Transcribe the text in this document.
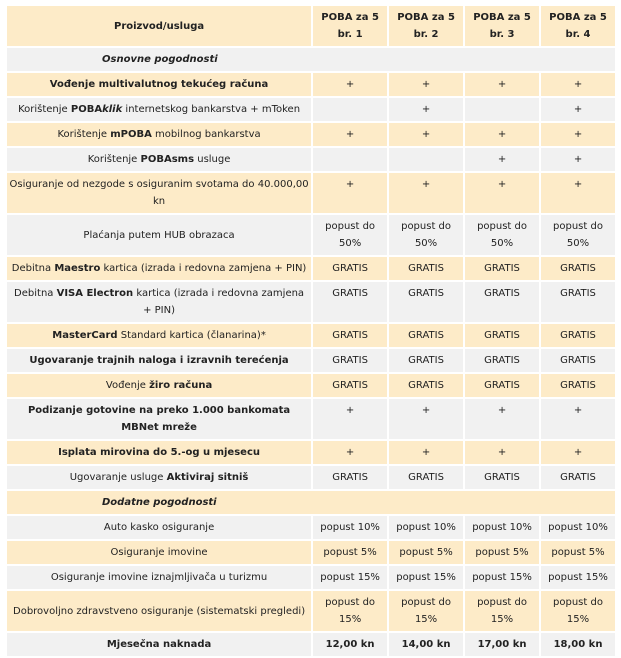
Proizvod/usluga	POBA za 5 br. 1	POBA za 5 br. 2	POBA za 5 br. 3	POBA za 5 br. 4
Osnovne pogodnosti				
Vođenje multivalutnog tekućeg računa	+	+	+	+
Korištenje POBAklik internetskog bankarstva + mToken		+		+
Korištenje mPOBA mobilnog bankarstva	+	+	+	+
Korištenje POBAsms usluge			+	+
Osiguranje od nezgode s osiguranim svotama do 40.000,00 kn	+	+	+	+
Plaćanja putem HUB obrazaca	popust do 50%	popust do 50%	popust do 50%	popust do 50%
Debitna Maestro kartica (izrada i redovna zamjena + PIN)	GRATIS	GRATIS	GRATIS	GRATIS
Debitna VISA Electron kartica (izrada i redovna zamjena + PIN)	GRATIS	GRATIS	GRATIS	GRATIS
MasterCard Standard kartica (članarina)*	GRATIS	GRATIS	GRATIS	GRATIS
Ugovaranje trajnih naloga i izravnih terećenja	GRATIS	GRATIS	GRATIS	GRATIS
Vođenje žiro računa	GRATIS	GRATIS	GRATIS	GRATIS
Podizanje gotovine na preko 1.000 bankomata MBNet mreže	+	+	+	+
Isplata mirovina do 5.-og u mjesecu	+	+	+	+
Ugovaranje usluge Aktiviraj sitniš	GRATIS	GRATIS	GRATIS	GRATIS
Dodatne pogodnosti				
Auto kasko osiguranje	popust 10%	popust 10%	popust 10%	popust 10%
Osiguranje imovine	popust 5%	popust 5%	popust 5%	popust 5%
Osiguranje imovine iznajmljivača u turizmu	popust 15%	popust 15%	popust 15%	popust 15%
Dobrovoljno zdravstveno osiguranje (sistematski pregledi)	popust do 15%	popust do 15%	popust do 15%	popust do 15%
Mjesečna naknada	12,00 kn	14,00 kn	17,00 kn	18,00 kn
